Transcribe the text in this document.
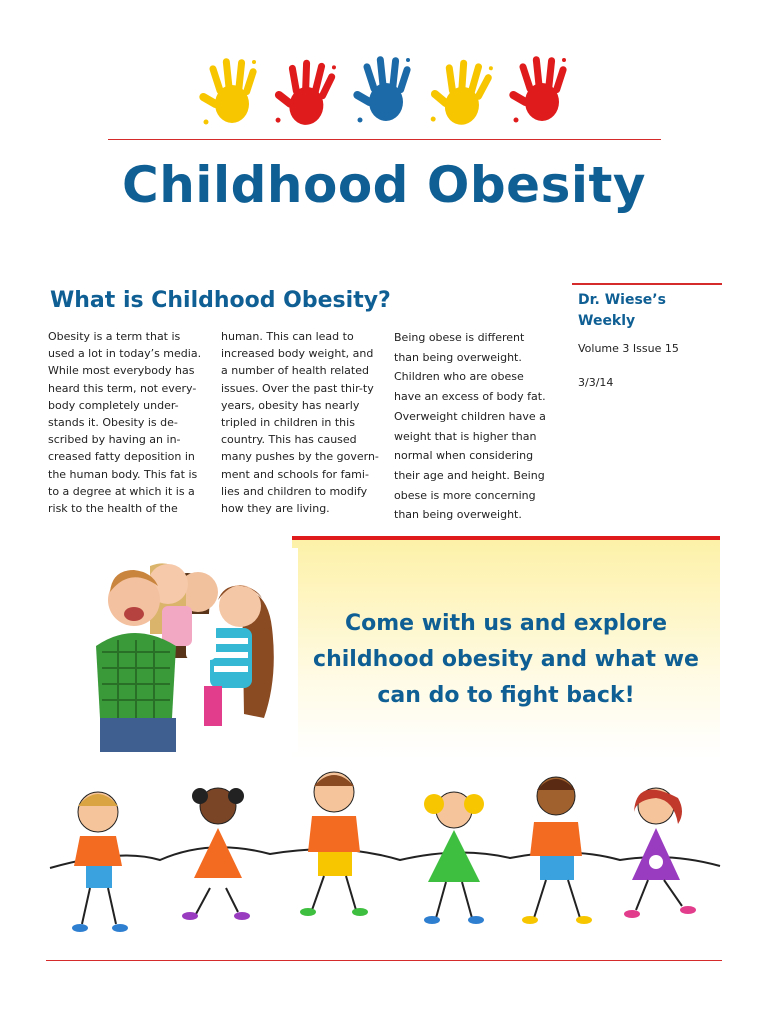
Childhood Obesity
What is Childhood Obesity?

Obesity is a term that is used a lot in today’s media. While most everybody has heard this term, not every-body completely under-stands it. Obesity is de-scribed by having an in-creased fatty deposition in the human body. This fat is to a degree at which it is a risk to the health of the

human. This can lead to increased body weight, and a number of health related issues. Over the past thir-ty years, obesity has nearly tripled in children in this country. This has caused many pushes by the govern-ment and schools for fami-lies and children to modify how they are living.

Being obese is different than being overweight. Children who are obese have an excess of body fat. Overweight children have a weight that is higher than normal when considering their age and height. Being obese is more concerning than being overweight.

Dr. Wiese’s Weekly

Volume 3 Issue 15

3/3/14

Come with us and explore childhood obesity and what we can do to fight back!
